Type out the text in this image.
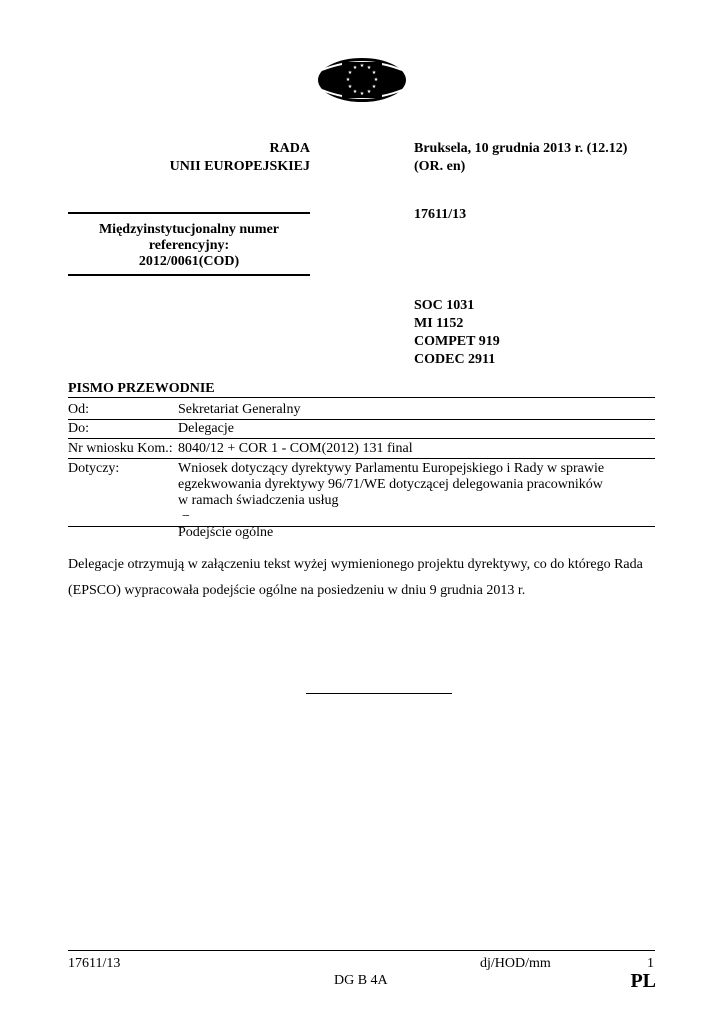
★ ★
★
★
★
★
★
★
★
★
★
★
RADA
UNII EUROPEJSKIEJ
Bruksela, 10 grudnia 2013 r. (12.12)
(OR. en)
Międzyinstytucjonalny numer
referencyjny:
2012/0061(COD)
17611/13
SOC 1031
MI 1152
COMPET 919
CODEC 2911
PISMO PRZEWODNIE
Od:	Sekretariat Generalny
Do:	Delegacje
Nr wniosku Kom.: 8040/12 + COR 1 - COM(2012) 131 final
Dotyczy:	Wniosek dotyczący dyrektywy Parlamentu Europejskiego i Rady w sprawie
egzekwowania dyrektywy 96/71/WE dotyczącej delegowania pracowników
w ramach świadczenia usług
−
Podejście ogólne
Delegacje otrzymują w załączeniu tekst wyżej wymienionego projektu dyrektywy, co do którego Rada (EPSCO) wypracowała podejście ogólne na posiedzeniu w dniu 9 grudnia 2013 r.
17611/13	dj/HOD/mm	1
DG B 4A	PL
